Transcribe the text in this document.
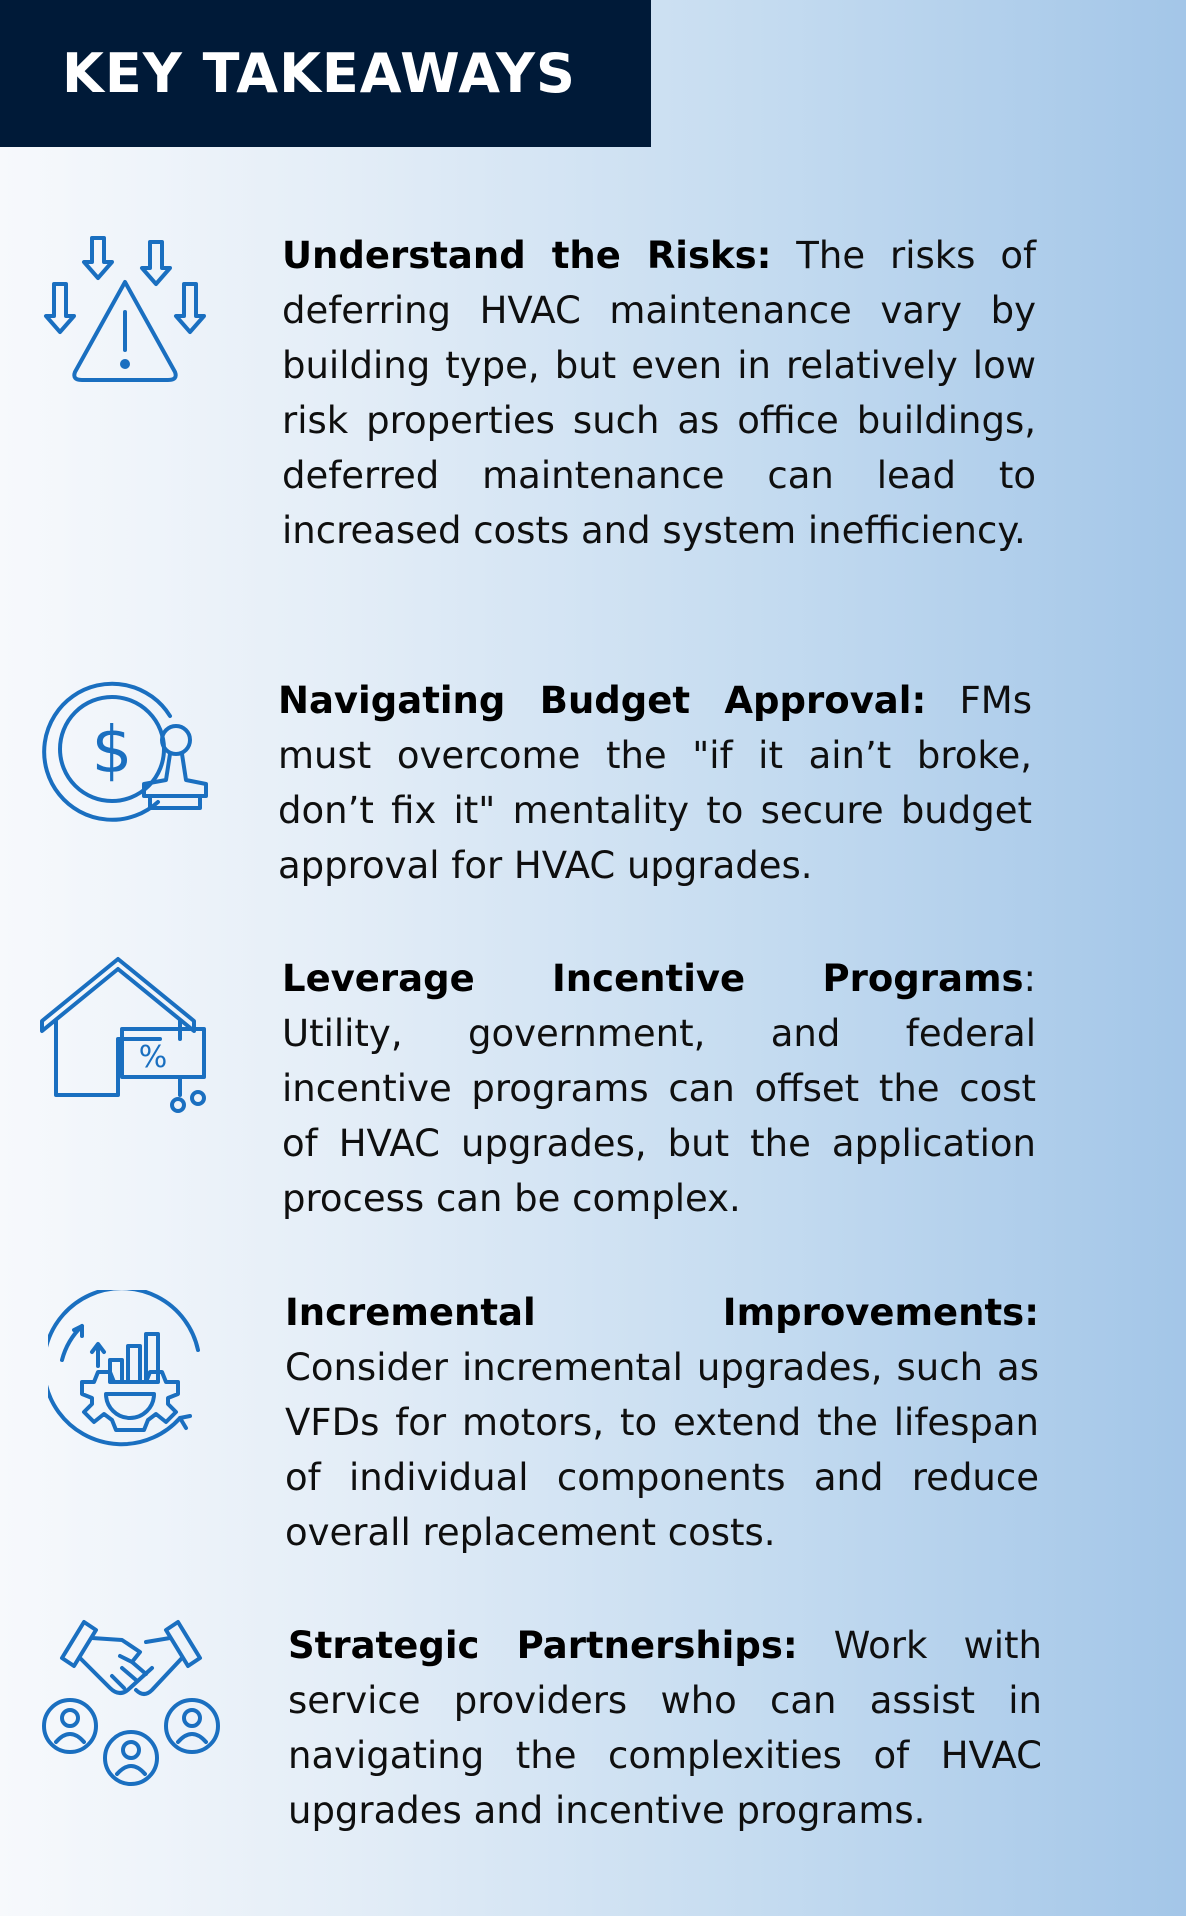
KEY TAKEAWAYS
Understand the Risks: The risks of deferring HVAC maintenance vary by building type, but even in relatively low risk properties such as office buildings, deferred maintenance can lead to increased costs and system inefficiency.
$
Navigating Budget Approval: FMs must overcome the "if it ain’t broke, don’t fix it" mentality to secure budget approval for HVAC upgrades.
%
Leverage Incentive Programs: Utility, government, and federal incentive programs can offset the cost of HVAC upgrades, but the application process can be complex.
Incremental Improvements: Consider incremental upgrades, such as VFDs for motors, to extend the lifespan of individual components and reduce overall replacement costs.
Strategic Partnerships: Work with service providers who can assist in navigating the complexities of HVAC upgrades and incentive programs.
